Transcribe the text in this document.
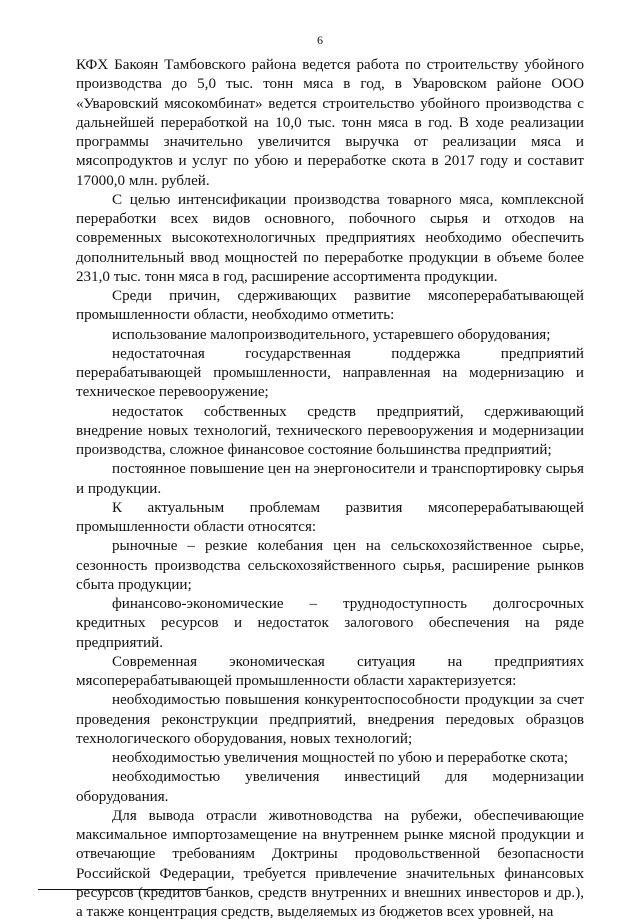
6

КФХ Бакоян Тамбовского района ведется работа по строительству убойного производства до 5,0 тыс. тонн мяса в год, в Уваровском районе ООО «Уваровский мясокомбинат» ведется строительство убойного производства с дальнейшей переработкой на 10,0 тыс. тонн мяса в год. В ходе реализации программы значительно увеличится выручка от реализации мяса и мясопродуктов и услуг по убою и переработке скота в 2017 году и составит 17000,0 млн. рублей.

С целью интенсификации производства товарного мяса, комплексной переработки всех видов основного, побочного сырья и отходов на современных высокотехнологичных предприятиях необходимо обеспечить дополнительный ввод мощностей по переработке продукции в объеме более 231,0 тыс. тонн мяса в год, расширение ассортимента продукции.

Среди причин, сдерживающих развитие мясоперерабатывающей промышленности области, необходимо отметить:

использование малопроизводительного, устаревшего оборудования;

недостаточная государственная поддержка предприятий перерабатывающей промышленности, направленная на модернизацию и техническое перевооружение;

недостаток собственных средств предприятий, сдерживающий внедрение новых технологий, технического перевооружения и модернизации производства, сложное финансовое состояние большинства предприятий;

постоянное повышение цен на энергоносители и транспортировку сырья и продукции.

К актуальным проблемам развития мясоперерабатывающей промышленности области относятся:

рыночные – резкие колебания цен на сельскохозяйственное сырье, сезонность производства сельскохозяйственного сырья, расширение рынков сбыта продукции;

финансово-экономические – труднодоступность долгосрочных кредитных ресурсов и недостаток залогового обеспечения на ряде предприятий.

Современная экономическая ситуация на предприятиях мясоперерабатывающей промышленности области характеризуется:

необходимостью повышения конкурентоспособности продукции за счет проведения реконструкции предприятий, внедрения передовых образцов технологического оборудования, новых технологий;

необходимостью увеличения мощностей по убою и переработке скота;

необходимостью увеличения инвестиций для модернизации оборудования.

Для вывода отрасли животноводства на рубежи, обеспечивающие максимальное импортозамещение на внутреннем рынке мясной продукции и отвечающие требованиям Доктрины продовольственной безопасности Российской Федерации, требуется привлечение значительных финансовых ресурсов (кредитов банков, средств внутренних и внешних инвесторов и др.), а также концентрация средств, выделяемых из бюджетов всех уровней, на
